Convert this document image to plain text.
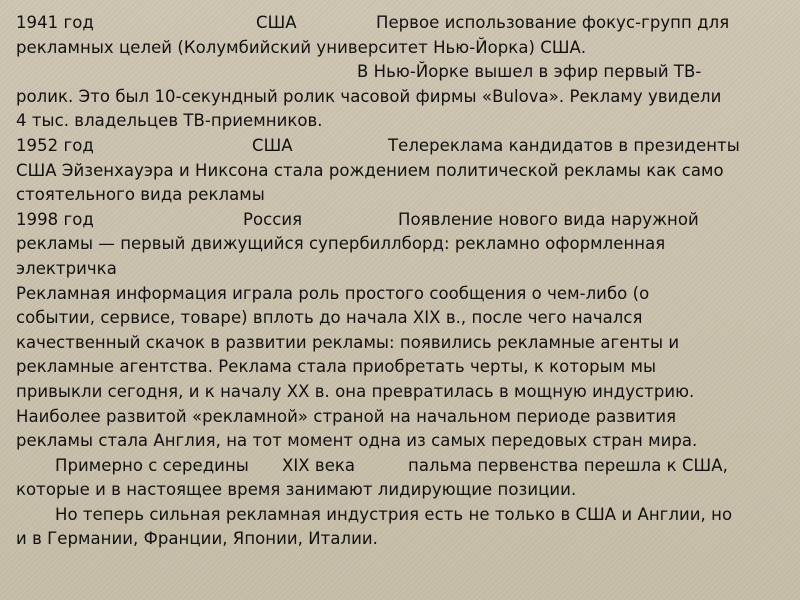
1941 год	США	Первое использование фокус-групп для
рекламных целей (Колумбийский университет Нью-Йорка) США.
В Нью-Йорке вышел в эфир первый ТВ-
ролик. Это был 10-секундный ролик часовой фирмы «Bulova». Рекламу увидели
4 тыс. владельцев ТВ-приемников.
1952 год	США	Телереклама кандидатов в президенты
США Эйзенхауэра и Никсона стала рождением политической рекламы как само
стоятельного вида рекламы
1998 год	Россия	Появление нового вида наружной
рекламы — первый движущийся супербиллборд: рекламно оформленная
электричка
Рекламная информация играла роль простого сообщения о чем-либо (о
событии, сервисе, товаре) вплоть до начала XIX в., после чего начался
качественный скачок в развитии рекламы: появились рекламные агенты и
рекламные агентства. Реклама стала приобретать черты, к которым мы
привыкли сегодня, и к началу XX в. она превратилась в мощную индустрию.
Наиболее развитой «рекламной» страной на начальном периоде развития
рекламы стала Англия, на тот момент одна из самых передовых стран мира.
Примерно с середины XIX века	пальма первенства перешла к США,
которые и в настоящее время занимают лидирующие позиции.
Но теперь сильная рекламная индустрия есть не только в США и Англии, но
и в Германии, Франции, Японии, Италии.
